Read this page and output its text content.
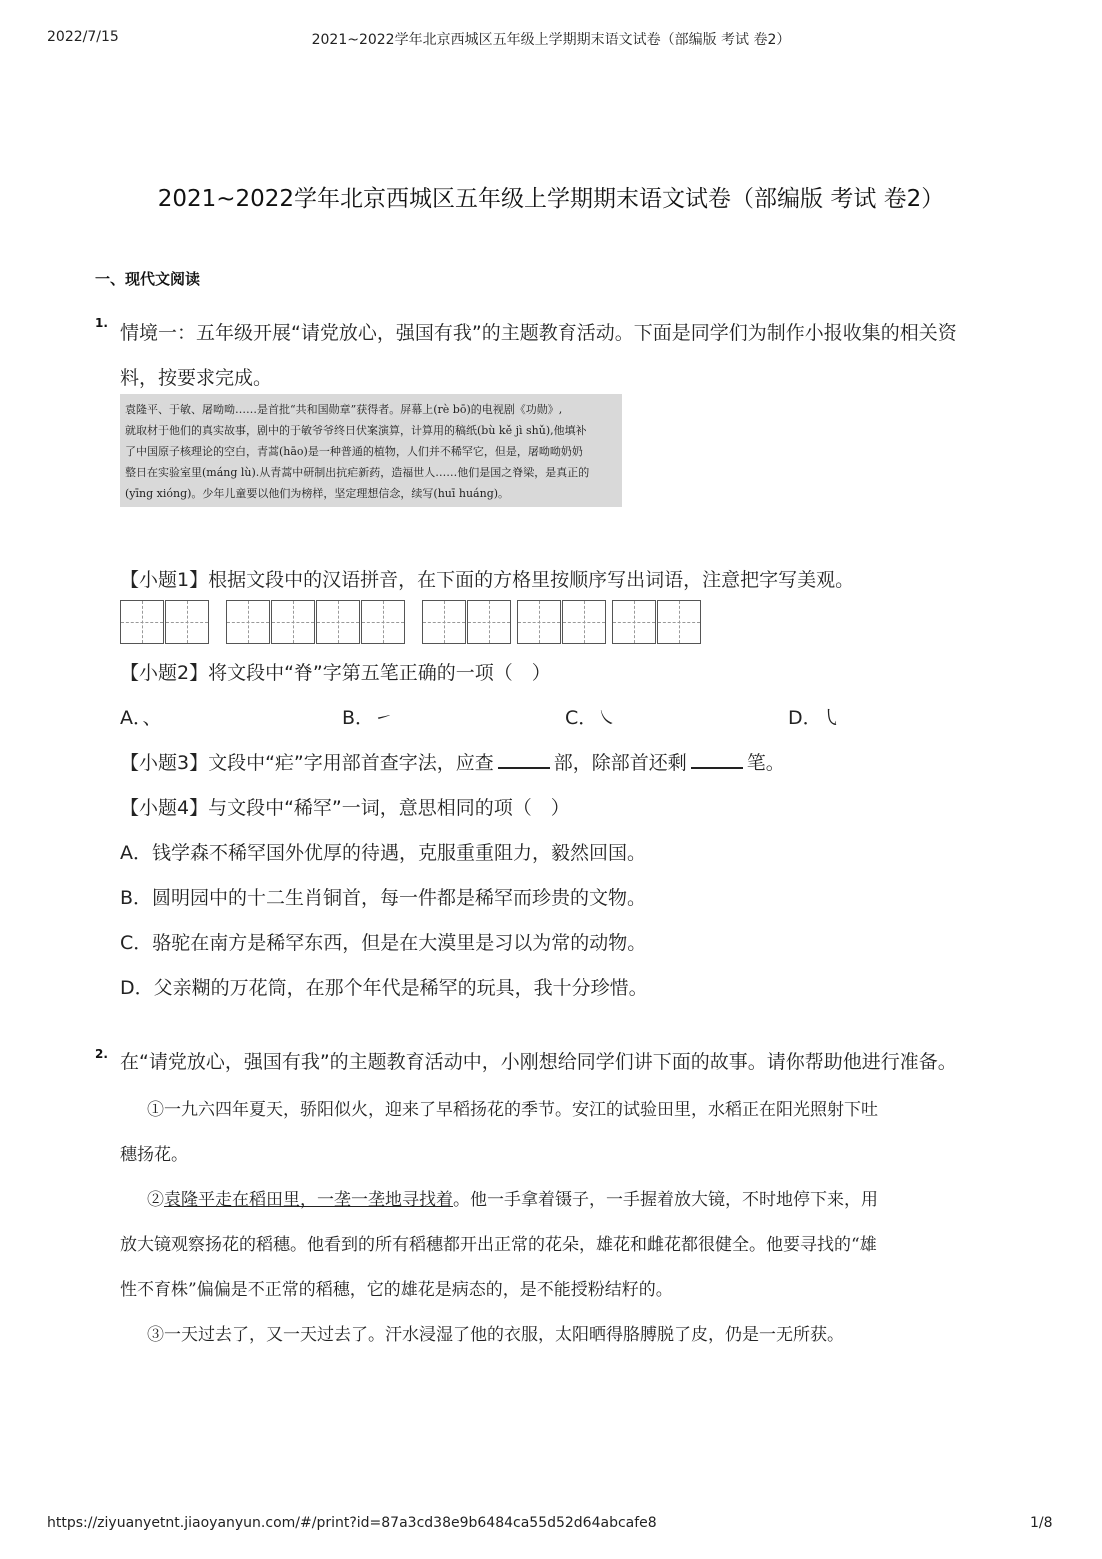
2022/7/15	2021~2022学年北京西城区五年级上学期期末语文试卷（部编版 考试 卷2）
2021~2022学年北京西城区五年级上学期期末语文试卷（部编版 考试 卷2）
一、现代文阅读
1. 情境一：五年级开展“请党放心，强国有我”的主题教育活动。下面是同学们为制作小报收集的相关资
料，按要求完成。
袁隆平、于敏、屠呦呦……是首批“共和国勋章”获得者。屏幕上(rè bō)的电视剧《功勋》,
就取材于他们的真实故事，剧中的于敏爷爷终日伏案演算，计算用的稿纸(bù kě jì shǔ),他填补
了中国原子核理论的空白，青蒿(hāo)是一种普通的植物，人们并不稀罕它，但是，屠呦呦奶奶
整日在实验室里(máng lù).从青蒿中研制出抗疟新药，造福世人……他们是国之脊梁，是真正的
(yīng xióng)。少年儿童要以他们为榜样，坚定理想信念，续写(huī huáng)。
【小题1】根据文段中的汉语拼音，在下面的方格里按顺序写出词语，注意把字写美观。
【小题2】将文段中“脊”字第五笔正确的一项（　）
A．、	B．㇀	C．㇏	D．㇂
【小题3】文段中“疟”字用部首查字法，应查	部，除部首还剩	笔。
【小题4】与文段中“稀罕”一词，意思相同的项（　）
A．钱学森不稀罕国外优厚的待遇，克服重重阻力，毅然回国。
B．圆明园中的十二生肖铜首，每一件都是稀罕而珍贵的文物。
C．骆驼在南方是稀罕东西，但是在大漠里是习以为常的动物。
D．父亲糊的万花筒，在那个年代是稀罕的玩具，我十分珍惜。
2. 在“请党放心，强国有我”的主题教育活动中，小刚想给同学们讲下面的故事。请你帮助他进行准备。
①一九六四年夏天，骄阳似火，迎来了早稻扬花的季节。安江的试验田里，水稻正在阳光照射下吐
穗扬花。
②袁隆平走在稻田里，一垄一垄地寻找着。他一手拿着镊子，一手握着放大镜，不时地停下来，用
放大镜观察扬花的稻穗。他看到的所有稻穗都开出正常的花朵，雄花和雌花都很健全。他要寻找的“雄
性不育株”偏偏是不正常的稻穗，它的雄花是病态的，是不能授粉结籽的。
③一天过去了，又一天过去了。汗水浸湿了他的衣服，太阳晒得胳膊脱了皮，仍是一无所获。
https://ziyuanyetnt.jiaoyanyun.com/#/print?id=87a3cd38e9b6484ca55d52d64abcafe8	1/8
